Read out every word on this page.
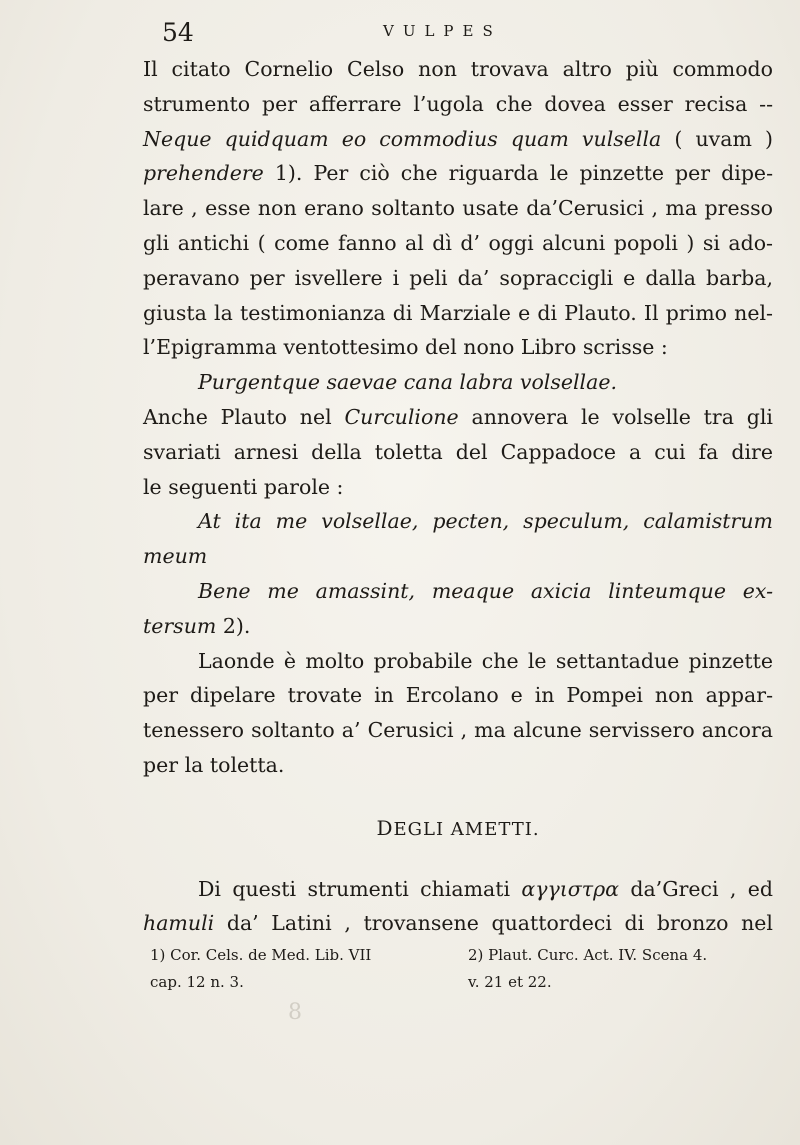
54	VULPES
Il citato Cornelio Celso non trovava altro più commodo
strumento per afferrare l’ugola che dovea esser recisa --
Neque quidquam eo commodius quam vulsella ( uvam )
prehendere 1). Per ciò che riguarda le pinzette per dipe-
lare , esse non erano soltanto usate da’Cerusici , ma presso
gli antichi ( come fanno al dì d’ oggi alcuni popoli ) si ado-
peravano per isvellere i peli da’ sopraccigli e dalla barba,
giusta la testimonianza di Marziale e di Plauto. Il primo nel-
l’Epigramma ventottesimo del nono Libro scrisse :
Purgentque saevae cana labra volsellae.
Anche Plauto nel Curculione annovera le volselle tra gli
svariati arnesi della toletta del Cappadoce a cui fa dire
le seguenti parole :
At ita me volsellae, pecten, speculum, calamistrum
meum
Bene me amassint, meaque axicia linteumque ex-
tersum 2).
Laonde è molto probabile che le settantadue pinzette
per dipelare trovate in Ercolano e in Pompei non appar-
tenessero soltanto a’ Cerusici , ma alcune servissero ancora
per la toletta.
DEGLI AMETTI.
Di questi strumenti chiamati αγγιστρα da’Greci , ed
hamuli da’ Latini , trovansene quattordeci di bronzo nel
1) Cor. Cels. de Med. Lib. VII
cap. 12 n. 3.
2) Plaut. Curc. Act. IV. Scena 4.
v. 21 et 22.
8
